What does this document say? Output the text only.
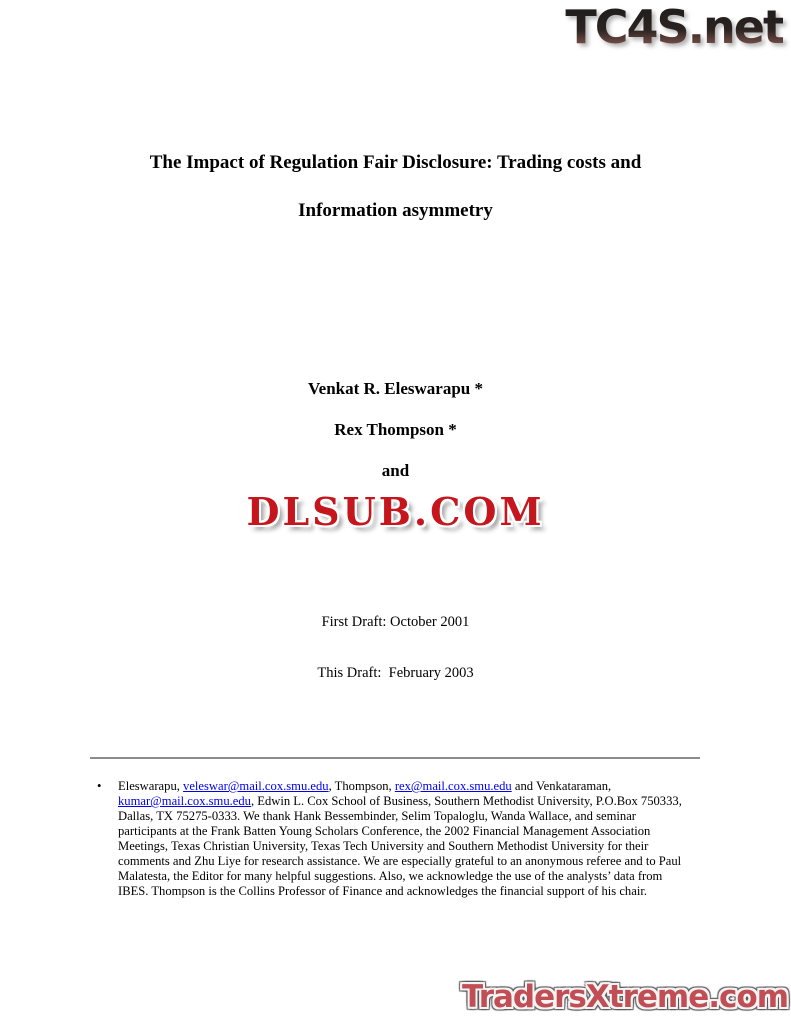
TC4S.net
The Impact of Regulation Fair Disclosure: Trading costs and
Information asymmetry
Venkat R. Eleswarapu *
Rex Thompson *
and
DLSUB.COM

First Draft: October 2001

This Draft:  February 2003

• Eleswarapu, veleswar@mail.cox.smu.edu, Thompson, rex@mail.cox.smu.edu and Venkataraman, kumar@mail.cox.smu.edu, Edwin L. Cox School of Business, Southern Methodist University, P.O.Box 750333, Dallas, TX 75275-0333. We thank Hank Bessembinder, Selim Topaloglu, Wanda Wallace, and seminar participants at the Frank Batten Young Scholars Conference, the 2002 Financial Management Association Meetings, Texas Christian University, Texas Tech University and Southern Methodist University for their comments and Zhu Liye for research assistance. We are especially grateful to an anonymous referee and to Paul Malatesta, the Editor for many helpful suggestions. Also, we acknowledge the use of the analysts’ data from IBES. Thompson is the Collins Professor of Finance and acknowledges the financial support of his chair.

TradersXtreme.com
